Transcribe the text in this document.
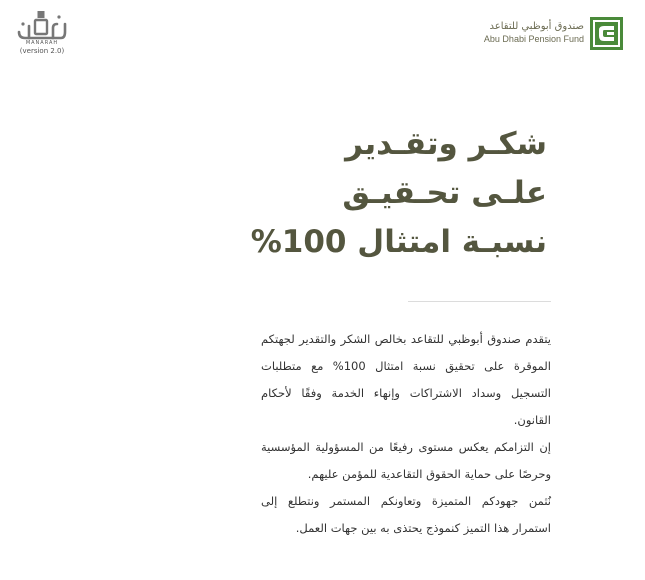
MANARAH
(version 2.0)
صندوق أبوظبي للتقاعد
Abu Dhabi Pension Fund
شكـر وتقـدير
علـى تحـقيـق
نسبـة امتثال 100%

يتقدم صندوق أبوظبي للتقاعد بخالص الشكر والتقدير لجهتكم الموقرة على تحقيق نسبة امتثال 100% مع متطلبات التسجيل وسداد الاشتراكات وإنهاء الخدمة وفقًا لأحكام القانون.

إن التزامكم يعكس مستوى رفيعًا من المسؤولية المؤسسية وحرصًا على حماية الحقوق التقاعدية للمؤمن عليهم.

نُثمن جهودكم المتميزة وتعاونكم المستمر ونتطلع إلى استمرار هذا التميز كنموذج يحتذى به بين جهات العمل.
